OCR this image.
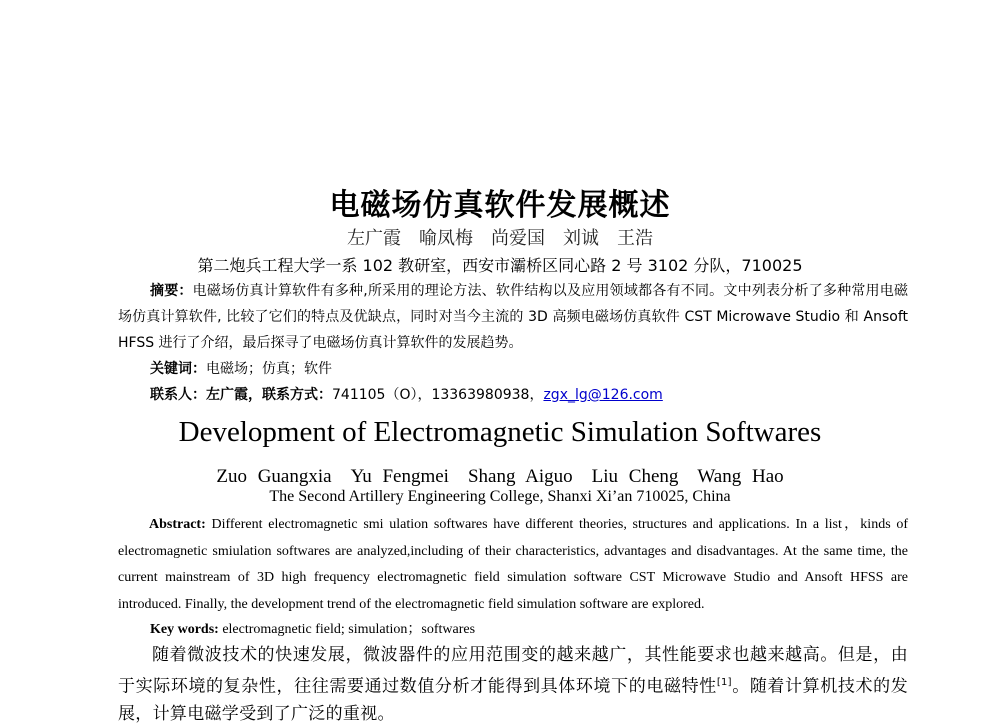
电磁场仿真软件发展概述
左广霞　喻凤梅　尚爱国　刘诚　王浩
第二炮兵工程大学一系 102 教研室，西安市灞桥区同心路 2 号 3102 分队，710025
摘要：电磁场仿真计算软件有多种,所采用的理论方法、软件结构以及应用领域都各有不同。文中列表分析了多种常用电磁场仿真计算软件, 比较了它们的特点及优缺点，同时对当今主流的 3D 高频电磁场仿真软件 CST Microwave Studio 和 Ansoft HFSS 进行了介绍，最后探寻了电磁场仿真计算软件的发展趋势。
关键词：电磁场；仿真；软件
联系人：左广霞，联系方式：741105（O），13363980938，zgx_lg@126.com
Development of Electromagnetic Simulation Softwares
Zuo Guangxia　Yu Fengmei　Shang Aiguo　Liu Cheng　Wang Hao
The Second Artillery Engineering College, Shanxi Xi’an 710025, China
Abstract: Different electromagnetic smi ulation softwares have different theories, structures and applications. In a list，kinds of electromagnetic smiulation softwares are analyzed,including of their characteristics, advantages and disadvantages. At the same time, the current mainstream of 3D high frequency electromagnetic field simulation software CST Microwave Studio and Ansoft HFSS are introduced. Finally, the development trend of the electromagnetic field simulation software are explored.
Key words: electromagnetic field; simulation；softwares
随着微波技术的快速发展，微波器件的应用范围变的越来越广，其性能要求也越来越高。但是，由于实际环境的复杂性，往往需要通过数值分析才能得到具体环境下的电磁特性[1]。随着计算机技术的发展，计算电磁学受到了广泛的重视。
